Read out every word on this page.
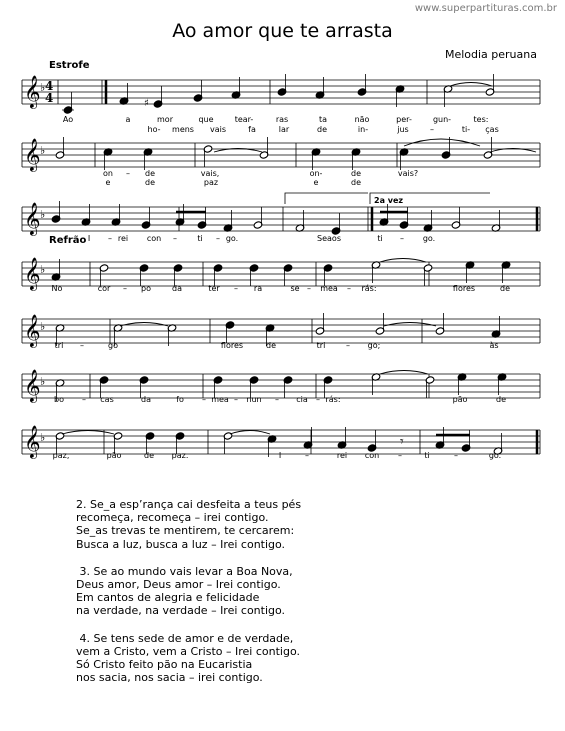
www.superpartituras.com.br
Ao amor que te arrasta
Melodia peruana
Estrofe
Refrão
2a vez
𝄞 ♭
𝄞 ♭
𝄞 ♭
𝄞 ♭
𝄞 ♭
𝄞 ♭
𝄞 ♭
4
4	♯
𝄾
Ao	a	mor	que	tear-	ras	ta	não	per-	gun-	tes:
ho- mens vais	fa	lar	de	in-	jus	–	ti- ças
on – de	vais,	on-	de	vais?
e	de	paz	e	de
I – rei con –	ti – go.	Seaos	ti – go.
No	cor – po	da	ter – ra	se – mea – rás:	flores	de
tri –	go	flores	de	tri	– go;	às
bo – cas	da	fo – mea – nun – cia – rás:	pão	de
paz,	pão	de paz.	I	–	rei con –	ti	–	go.
2. Se_a esp’rança cai desfeita a teus pés
recomeça, recomeça – irei contigo.
Se_as trevas te mentirem, te cercarem:
Busca a luz, busca a luz – Irei contigo.
3. Se ao mundo vais levar a Boa Nova,
Deus amor, Deus amor – Irei contigo.
Em cantos de alegria e felicidade
na verdade, na verdade – Irei contigo.
4. Se tens sede de amor e de verdade,
vem a Cristo, vem a Cristo – Irei contigo.
Só Cristo feito pão na Eucaristia
nos sacia, nos sacia – irei contigo.
